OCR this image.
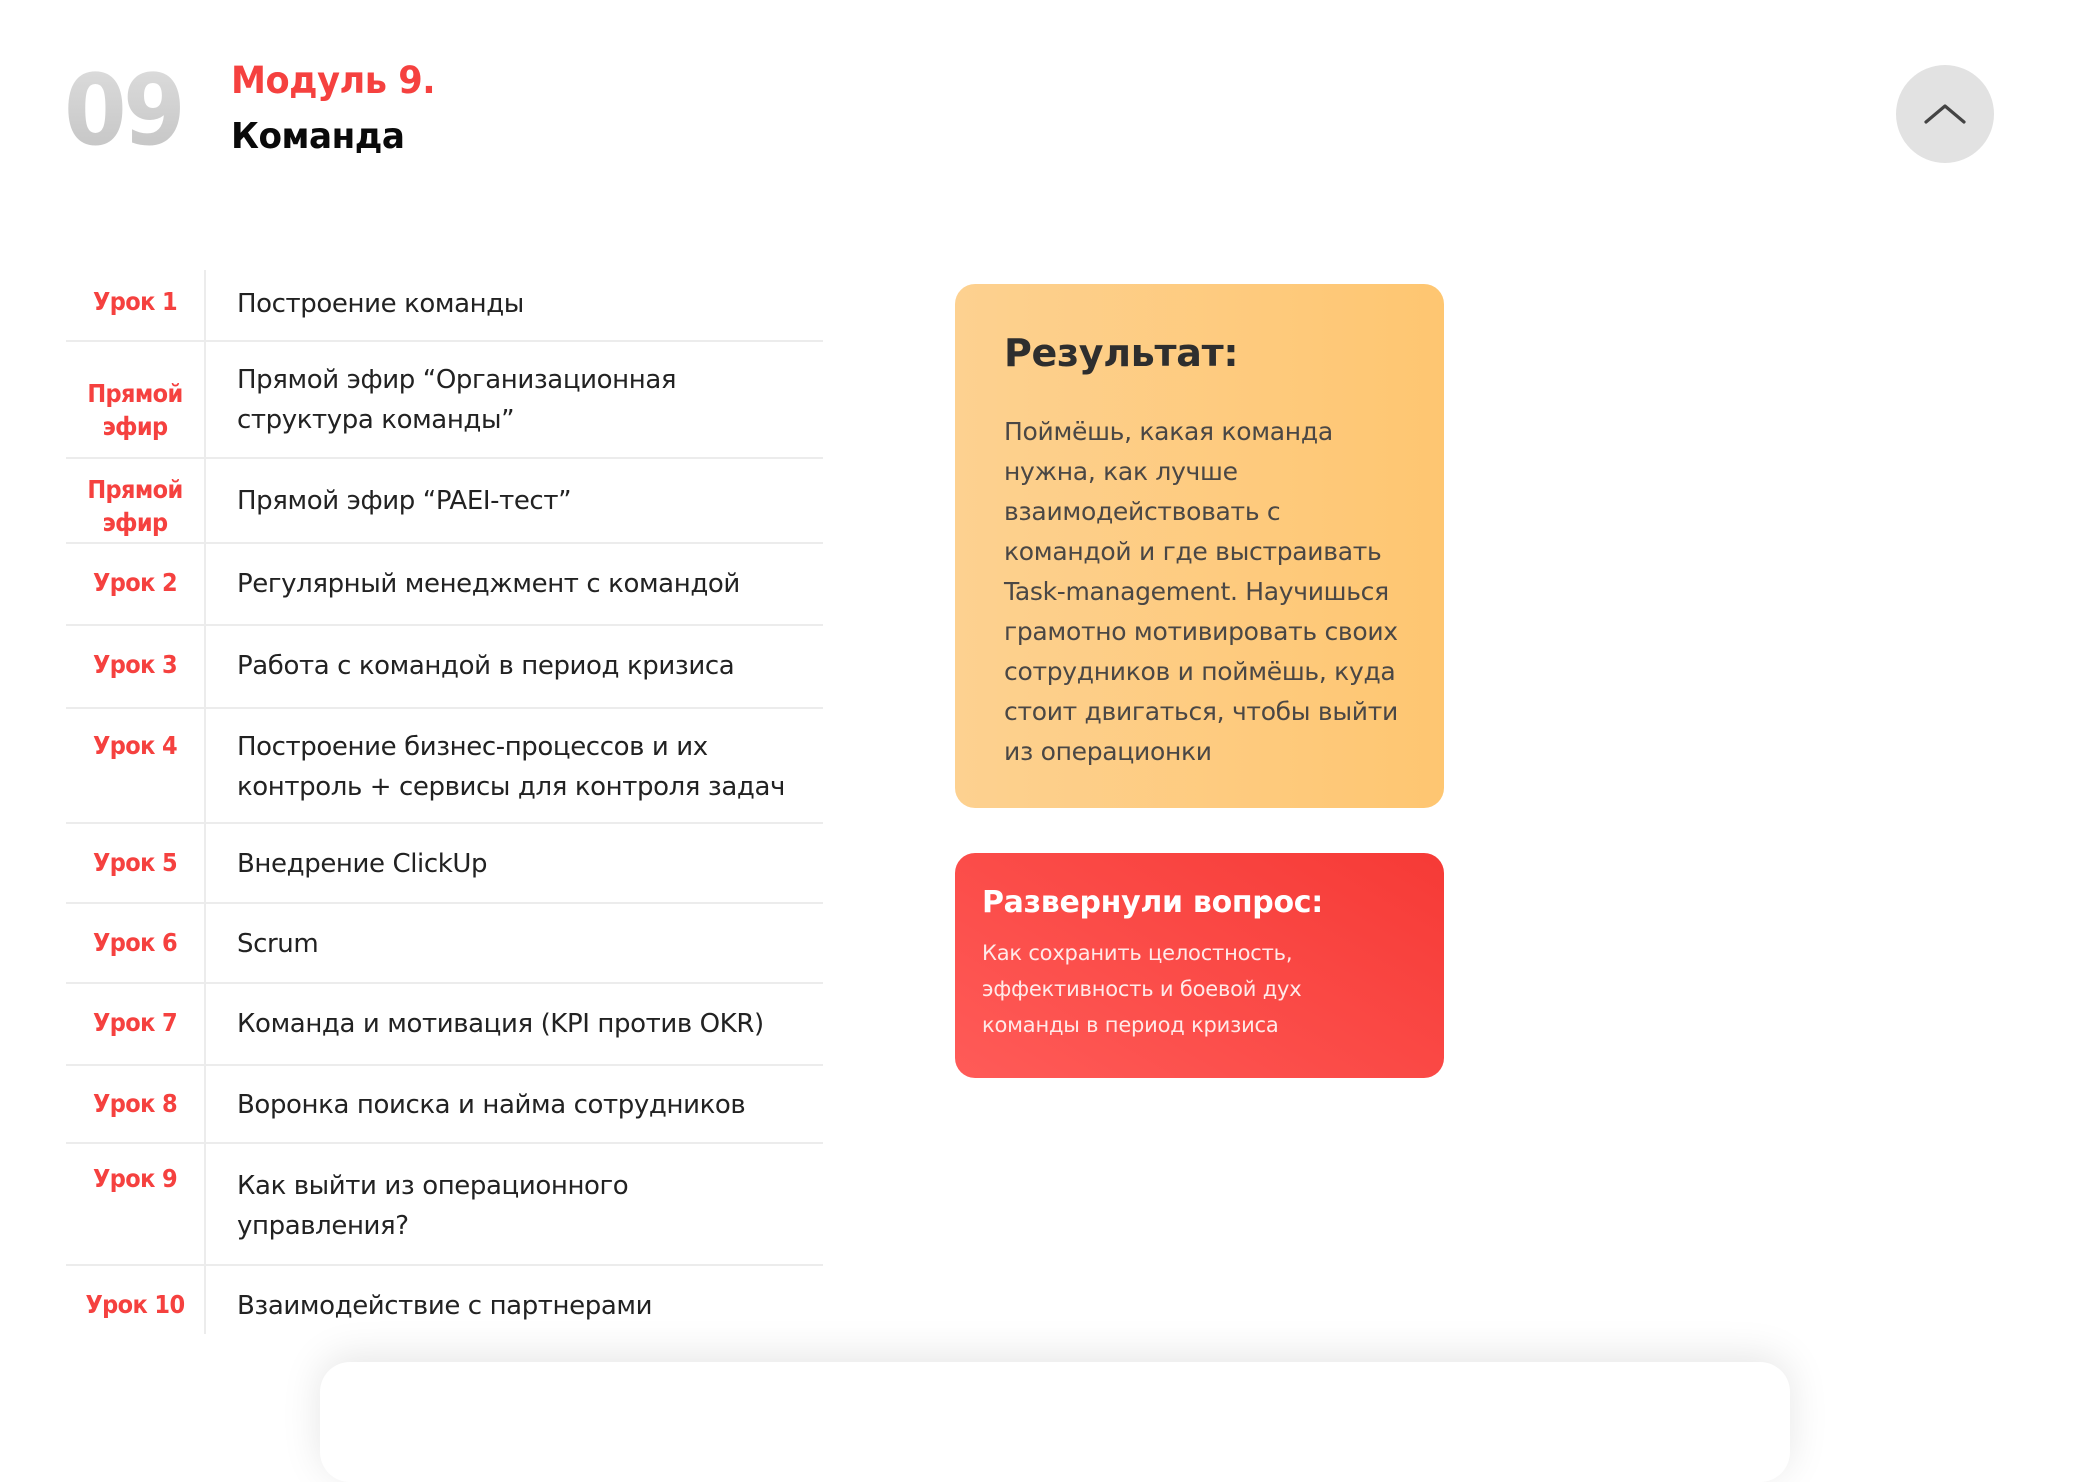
09 Модуль 9.
Команда
Урок 1 Построение команды
Прямой
эфир
Прямой эфир “Организационная
структура команды”
Прямой
эфир
Прямой эфир “PAEI-тест”
Урок 2 Регулярный менеджмент с командой
Урок 3 Работа с командой в период кризиса
Урок 4 Построение бизнес-процессов и их
контроль + сервисы для контроля задач
Урок 5 Внедрение ClickUp
Урок 6 Scrum
Урок 7 Команда и мотивация (KPI против OKR)
Урок 8 Воронка поиска и найма сотрудников
Урок 9 Как выйти из операционного
управления?
Урок 10 Взаимодействие с партнерами
Результат:
Поймёшь, какая команда
нужна, как лучше
взаимодействовать с
командой и где выстраивать
Task-management. Научишься
грамотно мотивировать своих
сотрудников и поймёшь, куда
стоит двигаться, чтобы выйти
из операционки
Развернули вопрос:
Как сохранить целостность,
эффективность и боевой дух
команды в период кризиса
